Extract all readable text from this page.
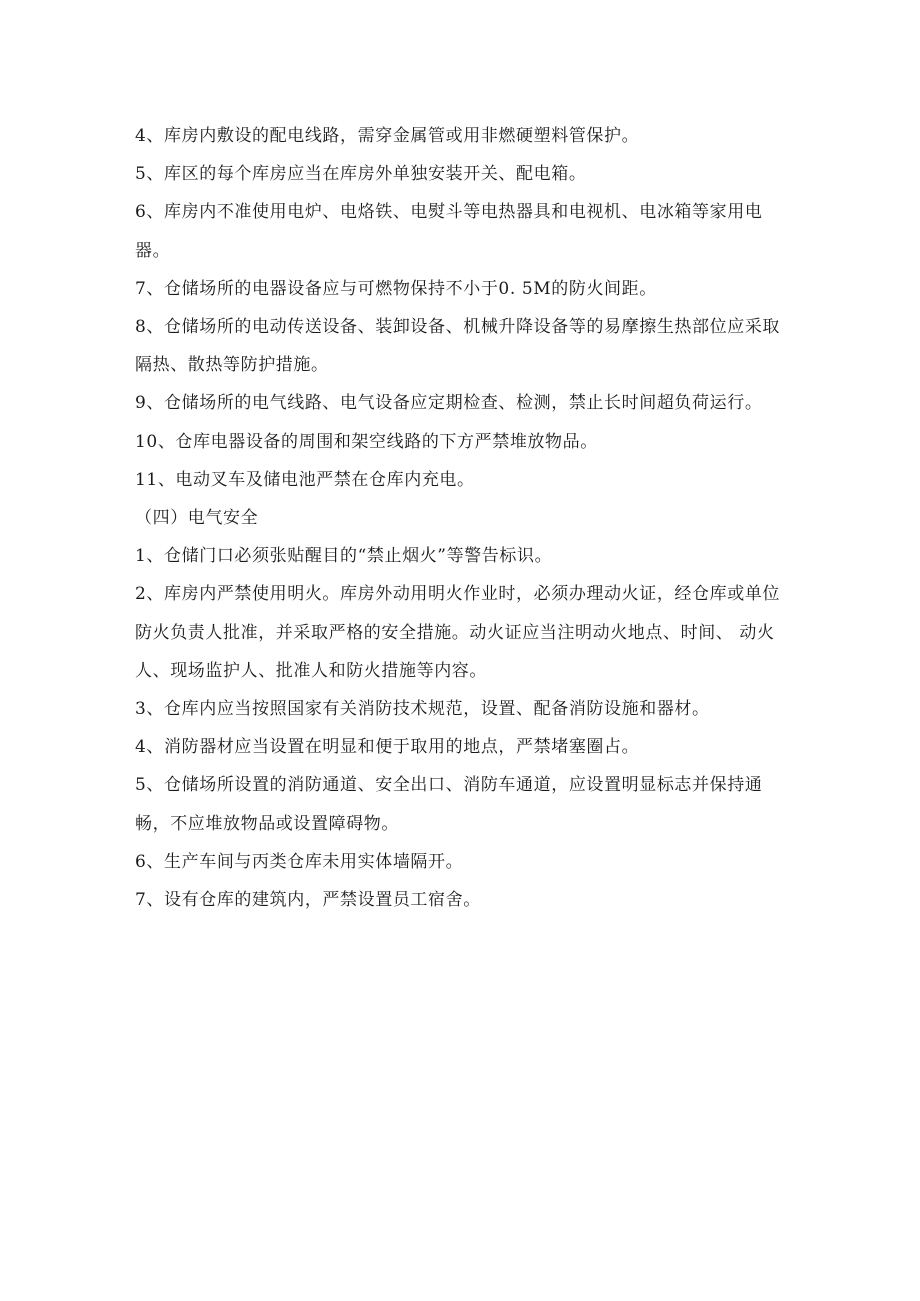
4、库房内敷设的配电线路，需穿金属管或用非燃硬塑料管保护。

5、库区的每个库房应当在库房外单独安装开关、配电箱。

6、库房内不准使用电炉、电烙铁、电熨斗等电热器具和电视机、电冰箱等家用电器。

7、仓储场所的电器设备应与可燃物保持不小于0. 5M的防火间距。

8、仓储场所的电动传送设备、装卸设备、机械升降设备等的易摩擦生热部位应采取隔热、散热等防护措施。

9、仓储场所的电气线路、电气设备应定期检查、检测，禁止长时间超负荷运行。

10、仓库电器设备的周围和架空线路的下方严禁堆放物品。

11、电动叉车及储电池严禁在仓库内充电。

（四）电气安全

1、仓储门口必须张贴醒目的“禁止烟火”等警告标识。

2、库房内严禁使用明火。库房外动用明火作业时，必须办理动火证，经仓库或单位防火负责人批准，并采取严格的安全措施。动火证应当注明动火地点、时间、 动火人、现场监护人、批准人和防火措施等内容。

3、仓库内应当按照国家有关消防技术规范，设置、配备消防设施和器材。

4、消防器材应当设置在明显和便于取用的地点，严禁堵塞圈占。

5、仓储场所设置的消防通道、安全出口、消防车通道，应设置明显标志并保持通畅，不应堆放物品或设置障碍物。

6、生产车间与丙类仓库未用实体墙隔开。

7、设有仓库的建筑内，严禁设置员工宿舍。
